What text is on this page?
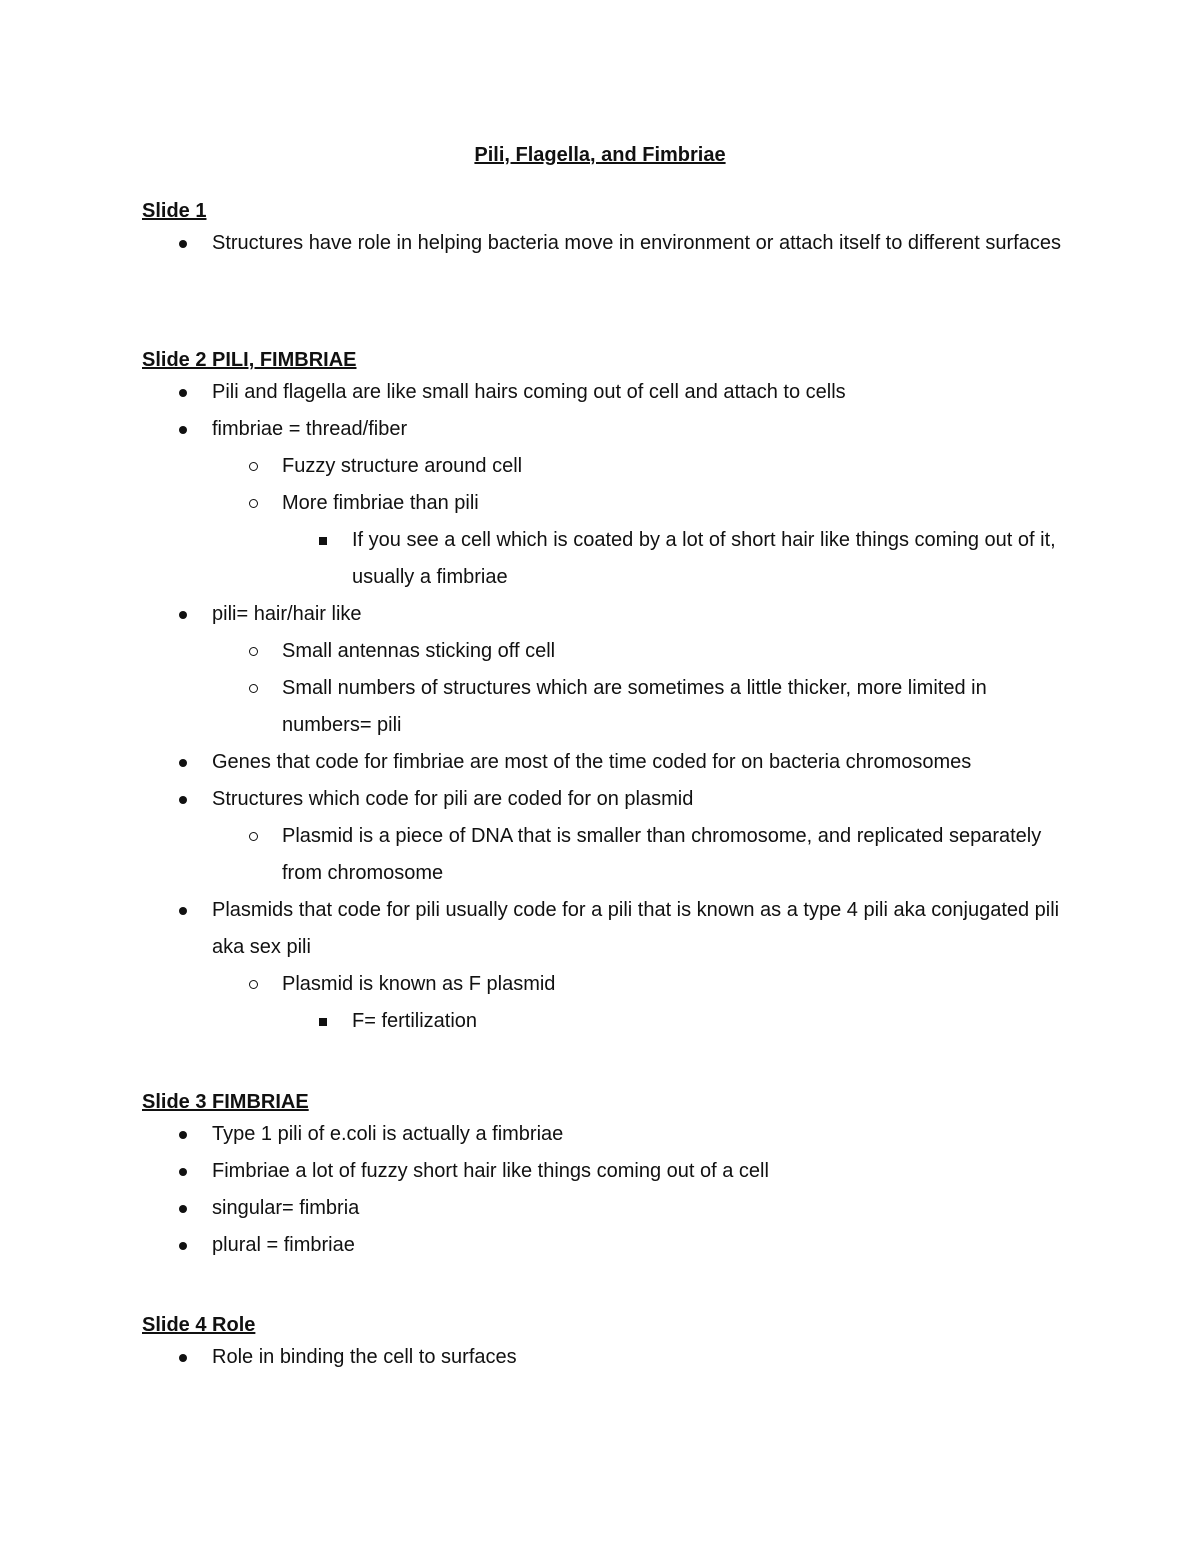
Pili, Flagella, and Fimbriae
Slide 1
Structures have role in helping bacteria move in environment or attach itself to different surfaces
Slide 2 PILI, FIMBRIAE
Pili and flagella are like small hairs coming out of cell and attach to cells
fimbriae = thread/fiber
Fuzzy structure around cell
More fimbriae than pili
If you see a cell which is coated by a lot of short hair like things coming out of it, usually a fimbriae
pili= hair/hair like
Small antennas sticking off cell
Small numbers of structures which are sometimes a little thicker, more limited in numbers= pili
Genes that code for fimbriae are most of the time coded for on bacteria chromosomes
Structures which code for pili are coded for on plasmid
Plasmid is a piece of DNA that is smaller than chromosome, and replicated separately from chromosome
Plasmids that code for pili usually code for a pili that is known as a type 4 pili aka conjugated pili aka sex pili
Plasmid is known as F plasmid
F= fertilization
Slide 3 FIMBRIAE
Type 1 pili of e.coli is actually a fimbriae
Fimbriae a lot of fuzzy short hair like things coming out of a cell
singular= fimbria
plural = fimbriae
Slide 4 Role
Role in binding the cell to surfaces
